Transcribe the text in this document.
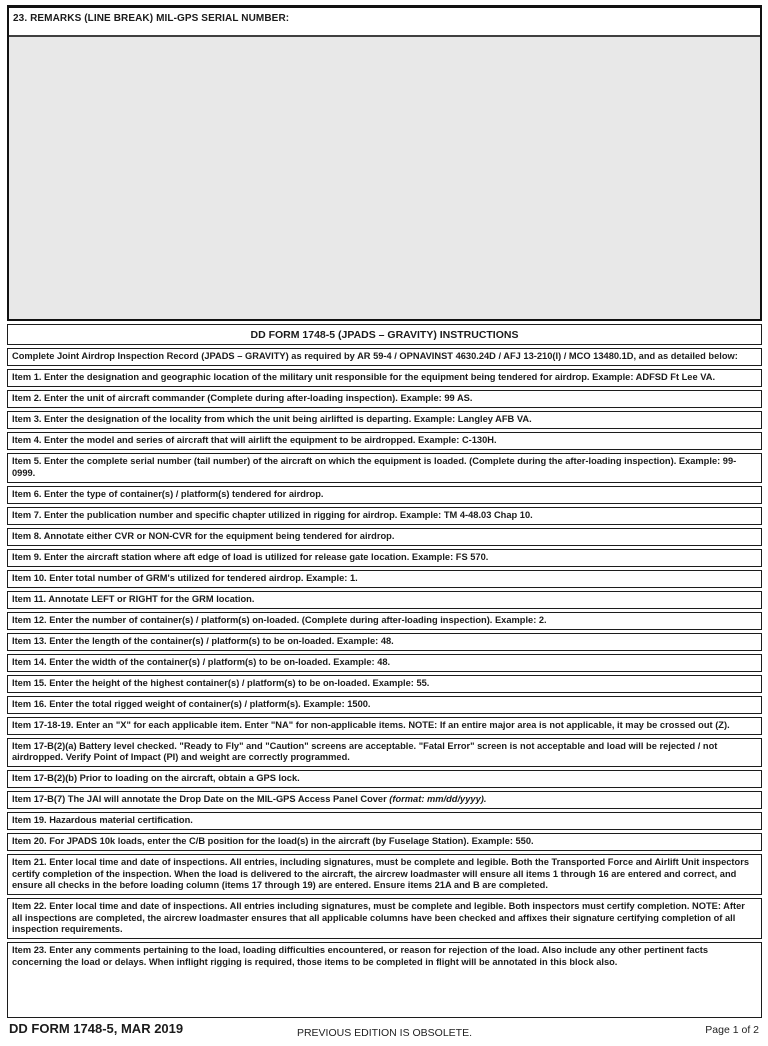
23. REMARKS (LINE BREAK) MIL-GPS SERIAL NUMBER:
DD FORM 1748-5 (JPADS – GRAVITY) INSTRUCTIONS
Complete Joint Airdrop Inspection Record (JPADS – GRAVITY) as required by AR 59-4 / OPNAVINST 4630.24D / AFJ 13-210(I) / MCO 13480.1D, and as detailed below:
Item 1. Enter the designation and geographic location of the military unit responsible for the equipment being tendered for airdrop. Example: ADFSD Ft Lee VA.
Item 2. Enter the unit of aircraft commander (Complete during after-loading inspection). Example: 99 AS.
Item 3. Enter the designation of the locality from which the unit being airlifted is departing. Example: Langley AFB VA.
Item 4. Enter the model and series of aircraft that will airlift the equipment to be airdropped. Example: C-130H.
Item 5. Enter the complete serial number (tail number) of the aircraft on which the equipment is loaded. (Complete during the after-loading inspection). Example: 99-0999.
Item 6. Enter the type of container(s) / platform(s) tendered for airdrop.
Item 7. Enter the publication number and specific chapter utilized in rigging for airdrop. Example: TM 4-48.03 Chap 10.
Item 8. Annotate either CVR or NON-CVR for the equipment being tendered for airdrop.
Item 9. Enter the aircraft station where aft edge of load is utilized for release gate location. Example: FS 570.
Item 10. Enter total number of GRM's utilized for tendered airdrop. Example: 1.
Item 11. Annotate LEFT or RIGHT for the GRM location.
Item 12. Enter the number of container(s) / platform(s) on-loaded. (Complete during after-loading inspection). Example: 2.
Item 13. Enter the length of the container(s) / platform(s) to be on-loaded. Example: 48.
Item 14. Enter the width of the container(s) / platform(s) to be on-loaded. Example: 48.
Item 15. Enter the height of the highest container(s) / platform(s) to be on-loaded. Example: 55.
Item 16. Enter the total rigged weight of container(s) / platform(s). Example: 1500.
Item 17-18-19. Enter an "X" for each applicable item. Enter "NA" for non-applicable items. NOTE: If an entire major area is not applicable, it may be crossed out (Z).
Item 17-B(2)(a) Battery level checked. "Ready to Fly" and "Caution" screens are acceptable. "Fatal Error" screen is not acceptable and load will be rejected / not airdropped. Verify Point of Impact (PI) and weight are correctly programmed.
Item 17-B(2)(b) Prior to loading on the aircraft, obtain a GPS lock.
Item 17-B(7) The JAI will annotate the Drop Date on the MIL-GPS Access Panel Cover (format: mm/dd/yyyy).
Item 19. Hazardous material certification.
Item 20. For JPADS 10k loads, enter the C/B position for the load(s) in the aircraft (by Fuselage Station). Example: 550.
Item 21. Enter local time and date of inspections. All entries, including signatures, must be complete and legible. Both the Transported Force and Airlift Unit inspectors certify completion of the inspection. When the load is delivered to the aircraft, the aircrew loadmaster will ensure all items 1 through 16 are entered and correct, and ensure all checks in the before loading column (items 17 through 19) are entered. Ensure items 21A and B are completed.
Item 22. Enter local time and date of inspections. All entries including signatures, must be complete and legible. Both inspectors must certify completion. NOTE: After all inspections are completed, the aircrew loadmaster ensures that all applicable columns have been checked and affixes their signature certifying completion of all inspection requirements.
Item 23. Enter any comments pertaining to the load, loading difficulties encountered, or reason for rejection of the load. Also include any other pertinent facts concerning the load or delays. When inflight rigging is required, those items to be completed in flight will be annotated in this block also.
DD FORM 1748-5, MAR 2019	PREVIOUS EDITION IS OBSOLETE.	Page 1 of 2
